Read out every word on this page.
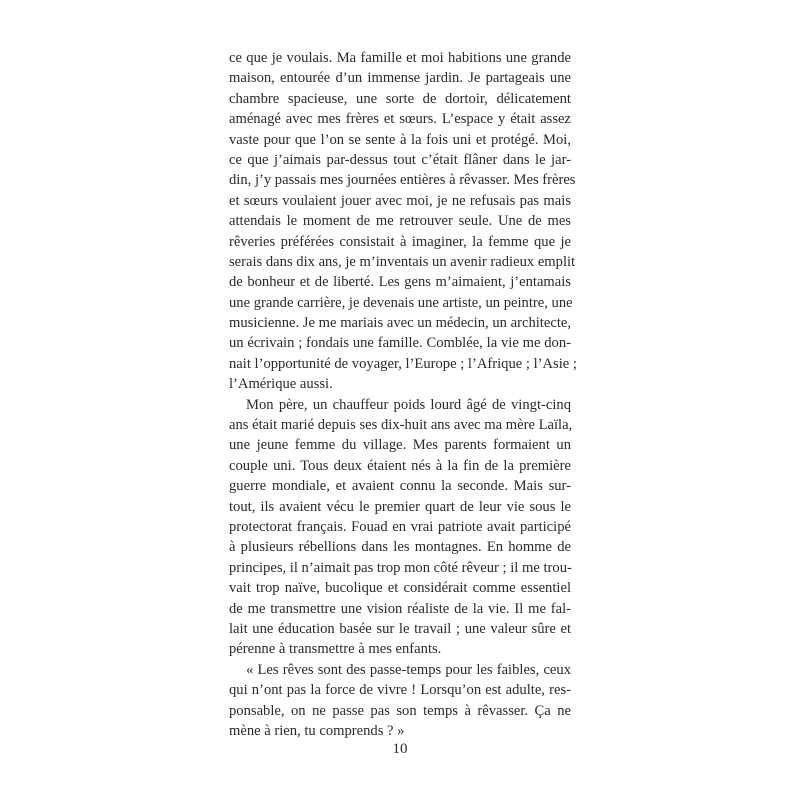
ce que je voulais. Ma famille et moi habitions une grande
maison, entourée d’un immense jardin. Je partageais une
chambre spacieuse, une sorte de dortoir, délicatement
aménagé avec mes frères et sœurs. L’espace y était assez
vaste pour que l’on se sente à la fois uni et protégé. Moi,
ce que j’aimais par-dessus tout c’était flâner dans le jar-
din, j’y passais mes journées entières à rêvasser. Mes frères
et sœurs voulaient jouer avec moi, je ne refusais pas mais
attendais le moment de me retrouver seule. Une de mes
rêveries préférées consistait à imaginer, la femme que je
serais dans dix ans, je m’inventais un avenir radieux emplit
de bonheur et de liberté. Les gens m’aimaient, j’entamais
une grande carrière, je devenais une artiste, un peintre, une
musicienne. Je me mariais avec un médecin, un architecte,
un écrivain ; fondais une famille. Comblée, la vie me don-
nait l’opportunité de voyager, l’Europe ; l’Afrique ; l’Asie ;
l’Amérique aussi.
Mon père, un chauffeur poids lourd âgé de vingt-cinq
ans était marié depuis ses dix-huit ans avec ma mère Laïla,
une jeune femme du village. Mes parents formaient un
couple uni. Tous deux étaient nés à la fin de la première
guerre mondiale, et avaient connu la seconde. Mais sur-
tout, ils avaient vécu le premier quart de leur vie sous le
protectorat français. Fouad en vrai patriote avait participé
à plusieurs rébellions dans les montagnes. En homme de
principes, il n’aimait pas trop mon côté rêveur ; il me trou-
vait trop naïve, bucolique et considérait comme essentiel
de me transmettre une vision réaliste de la vie. Il me fal-
lait une éducation basée sur le travail ; une valeur sûre et
pérenne à transmettre à mes enfants.
« Les rêves sont des passe-temps pour les faibles, ceux
qui n’ont pas la force de vivre ! Lorsqu’on est adulte, res-
ponsable, on ne passe pas son temps à rêvasser. Ça ne
mène à rien, tu comprends ? »
10
